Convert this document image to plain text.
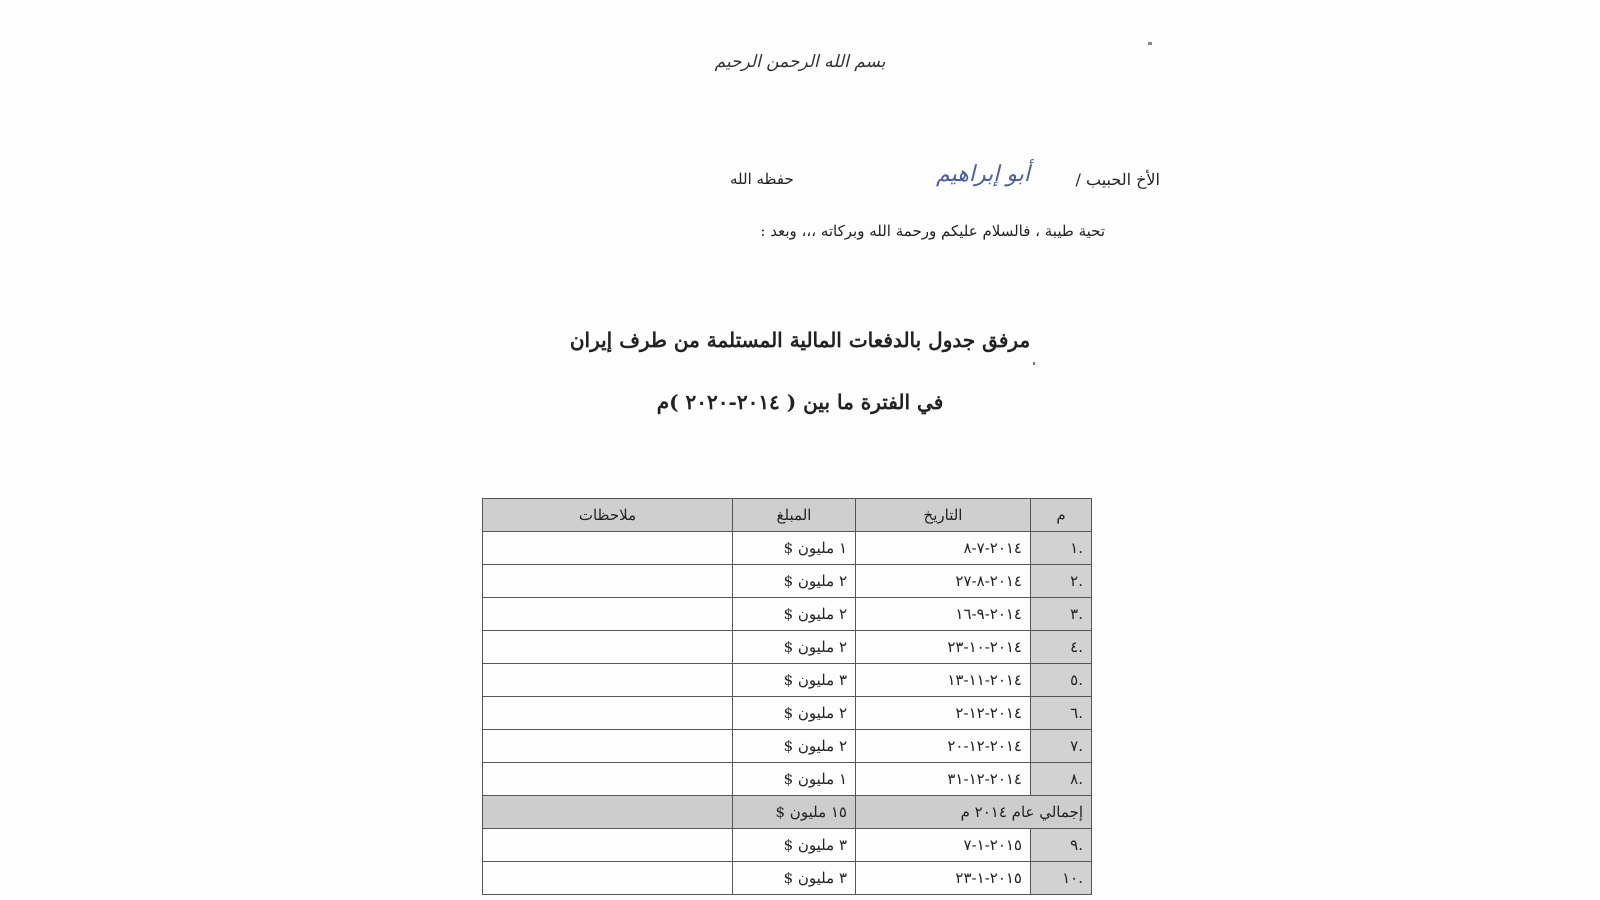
بسم الله الرحمن الرحيم
الأخ الحبيب /
أبو إبراهيم
حفظه الله
تحية طيبة ، فالسلام عليكم ورحمة الله وبركاته ،،، وبعد :
مرفق جدول بالدفعات المالية المستلمة من طرف إيران
في الفترة ما بين ( ٢٠١٤-٢٠٢٠ )م
م	التاريخ	المبلغ	ملاحظات
.١	٢٠١٤-٧-٨	١ مليون $	
.٢	٢٠١٤-٨-٢٧	٢ مليون $	
.٣	٢٠١٤-٩-١٦	٢ مليون $	
.٤	٢٠١٤-١٠-٢٣	٢ مليون $	
.٥	٢٠١٤-١١-١٣	٣ مليون $	
.٦	٢٠١٤-١٢-٢	٢ مليون $	
.٧	٢٠١٤-١٢-٢٠	٢ مليون $	
.٨	٢٠١٤-١٢-٣١	١ مليون $	
إجمالي عام ٢٠١٤ م		١٥ مليون $	
.٩	٢٠١٥-١-٧	٣ مليون $	
.١٠	٢٠١٥-١-٢٣	٣ مليون $	
